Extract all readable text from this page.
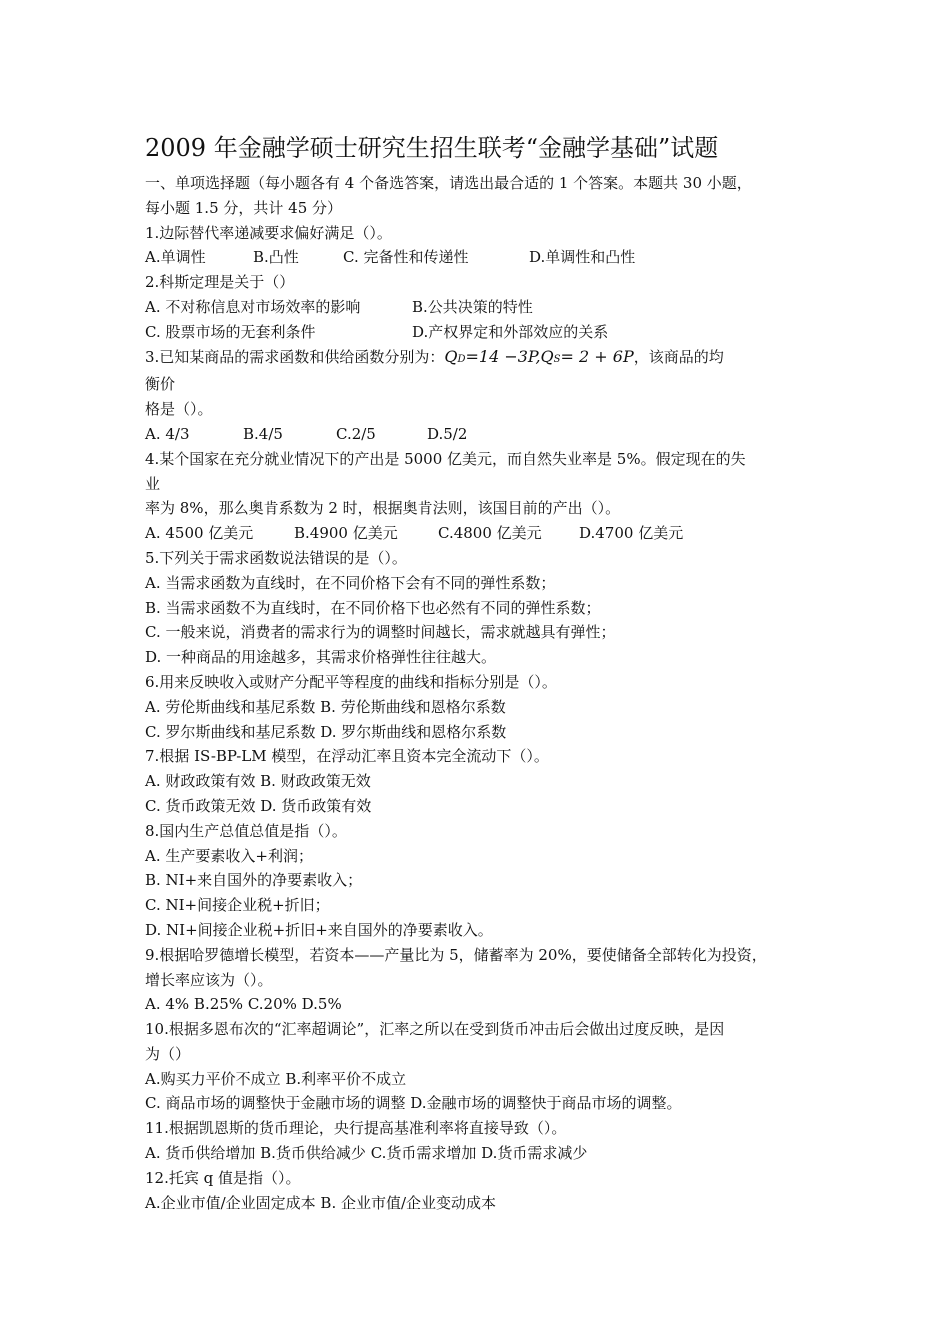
2009 年金融学硕士研究生招生联考“金融学基础”试题
一、单项选择题（每小题各有 4 个备选答案，请选出最合适的 1 个答案。本题共 30 小题，
每小题 1.5 分，共计 45 分）
1.边际替代率递减要求偏好满足（）。
A.单调性	B.凸性	C. 完备性和传递性	D.单调性和凸性
2.科斯定理是关于（）
A. 不对称信息对市场效率的影响	B.公共决策的特性
C. 股票市场的无套利条件	D.产权界定和外部效应的关系
3.已知某商品的需求函数和供给函数分别为：QD=14 −3P,QS= 2 + 6P，该商品的均
衡价
格是（）。
A. 4/3	B.4/5	C.2/5	D.5/2
4.某个国家在充分就业情况下的产出是 5000 亿美元，而自然失业率是 5%。假定现在的失
业
率为 8%，那么奥肯系数为 2 时，根据奥肯法则，该国目前的产出（）。
A. 4500 亿美元	B.4900 亿美元	C.4800 亿美元	D.4700 亿美元
5.下列关于需求函数说法错误的是（）。
A. 当需求函数为直线时，在不同价格下会有不同的弹性系数；
B. 当需求函数不为直线时，在不同价格下也必然有不同的弹性系数；
C. 一般来说，消费者的需求行为的调整时间越长，需求就越具有弹性；
D. 一种商品的用途越多，其需求价格弹性往往越大。
6.用来反映收入或财产分配平等程度的曲线和指标分别是（）。
A. 劳伦斯曲线和基尼系数 B. 劳伦斯曲线和恩格尔系数
C. 罗尔斯曲线和基尼系数 D. 罗尔斯曲线和恩格尔系数
7.根据 IS-BP-LM 模型，在浮动汇率且资本完全流动下（）。
A. 财政政策有效 B. 财政政策无效
C. 货币政策无效 D. 货币政策有效
8.国内生产总值总值是指（）。
A. 生产要素收入+利润；
B. NI+来自国外的净要素收入；
C. NI+间接企业税+折旧；
D. NI+间接企业税+折旧+来自国外的净要素收入。
9.根据哈罗德增长模型，若资本——产量比为 5，储蓄率为 20%，要使储备全部转化为投资，
增长率应该为（）。
A. 4% B.25% C.20% D.5%
10.根据多恩布次的“汇率超调论”，汇率之所以在受到货币冲击后会做出过度反映，是因
为（）
A.购买力平价不成立 B.利率平价不成立
C. 商品市场的调整快于金融市场的调整 D.金融市场的调整快于商品市场的调整。
11.根据凯恩斯的货币理论，央行提高基准利率将直接导致（）。
A. 货币供给增加 B.货币供给减少 C.货币需求增加 D.货币需求减少
12.托宾 q 值是指（）。
A.企业市值/企业固定成本 B. 企业市值/企业变动成本
